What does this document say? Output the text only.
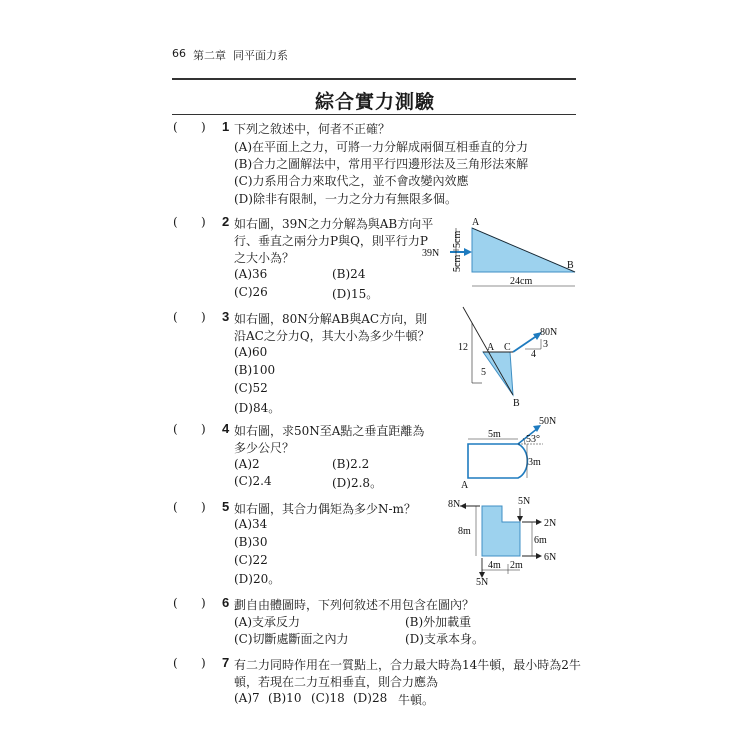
66 第二章 同平面力系
綜合實力測驗
( ) 1 下列之敘述中，何者不正確？
(A)在平面上之力，可將一力分解成兩個互相垂直的分力
(B)合力之圖解法中，常用平行四邊形法及三角形法來解
(C)力系用合力來取代之，並不會改變內效應
(D)除非有限制，一力之分力有無限多個。
( ) 2 如右圖，39N之力分解為與AB方向平
行、垂直之兩分力P與Q，則平行力P
之大小為？
(A)36	(B)24
(C)26	(D)15。
A
B
39N
5cm
5cm
24cm
( ) 3 如右圖，80N分解AB與AC方向，則
沿AC之分力Q，其大小為多少牛頓？
(A)60
(B)100
(C)52
(D)84。
80N
A
B
C
12
5
3
4
( ) 4 如右圖，求50N至A點之垂直距離為
多少公尺？
(A)2	(B)2.2
(C)2.4	(D)2.8。
50N
53°
5m
3m
A
( ) 5 如右圖，其合力偶矩為多少N-m？
(A)34
(B)30
(C)22
(D)20。
8N	5N
2N
6N
5N
8m
6m
4m 2m
( ) 6 劃自由體圖時，下列何敘述不用包含在圖內？
(A)支承反力	(B)外加載重
(C)切斷處斷面之內力	(D)支承本身。
( ) 7 有二力同時作用在一質點上，合力最大時為14牛頓，最小時為2牛
頓，若現在二力互相垂直，則合力應為
(A)7 (B)10 (C)18 (D)28 牛頓。
